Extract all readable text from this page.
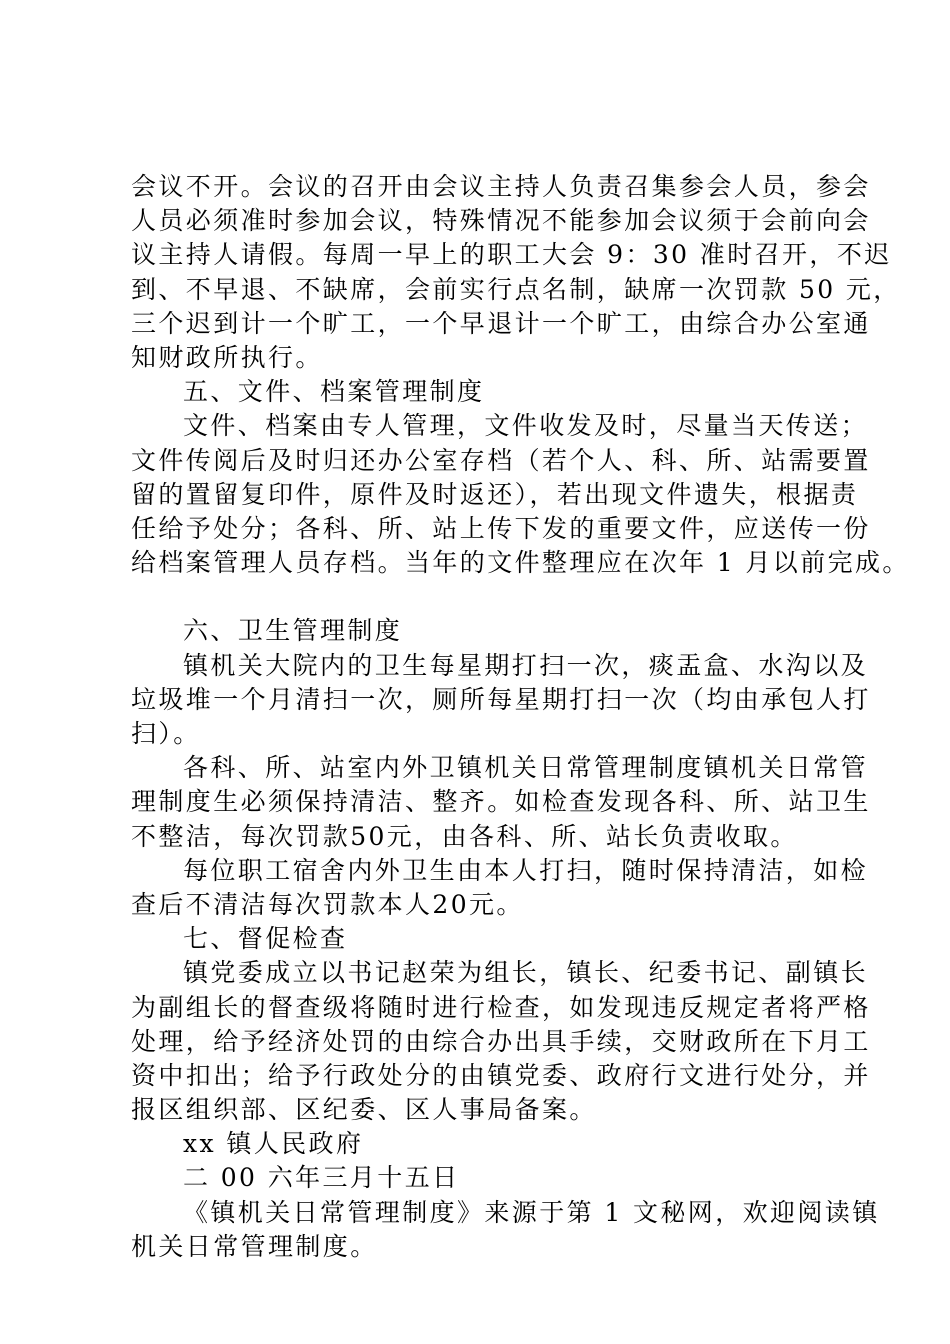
会议不开。会议的召开由会议主持人负责召集参会人员，参会
人员必须准时参加会议，特殊情况不能参加会议须于会前向会
议主持人请假。每周一早上的职工大会 9：30 准时召开，不迟
到、不早退、不缺席，会前实行点名制，缺席一次罚款 50 元，
三个迟到计一个旷工，一个早退计一个旷工，由综合办公室通
知财政所执行。
五、文件、档案管理制度
文件、档案由专人管理，文件收发及时，尽量当天传送；
文件传阅后及时归还办公室存档（若个人、科、所、站需要置
留的置留复印件，原件及时返还），若出现文件遗失，根据责
任给予处分；各科、所、站上传下发的重要文件，应送传一份
给档案管理人员存档。当年的文件整理应在次年 1 月以前完成。
六、卫生管理制度
镇机关大院内的卫生每星期打扫一次，痰盂盒、水沟以及
垃圾堆一个月清扫一次，厕所每星期打扫一次（均由承包人打
扫）。
各科、所、站室内外卫镇机关日常管理制度镇机关日常管
理制度生必须保持清洁、整齐。如检查发现各科、所、站卫生
不整洁，每次罚款50元，由各科、所、站长负责收取。
每位职工宿舍内外卫生由本人打扫，随时保持清洁，如检
查后不清洁每次罚款本人20元。
七、督促检查
镇党委成立以书记赵荣为组长，镇长、纪委书记、副镇长
为副组长的督查级将随时进行检查，如发现违反规定者将严格
处理，给予经济处罚的由综合办出具手续，交财政所在下月工
资中扣出；给予行政处分的由镇党委、政府行文进行处分，并
报区组织部、区纪委、区人事局备案。
xx 镇人民政府
二 00 六年三月十五日
《镇机关日常管理制度》来源于第 1 文秘网，欢迎阅读镇
机关日常管理制度。
